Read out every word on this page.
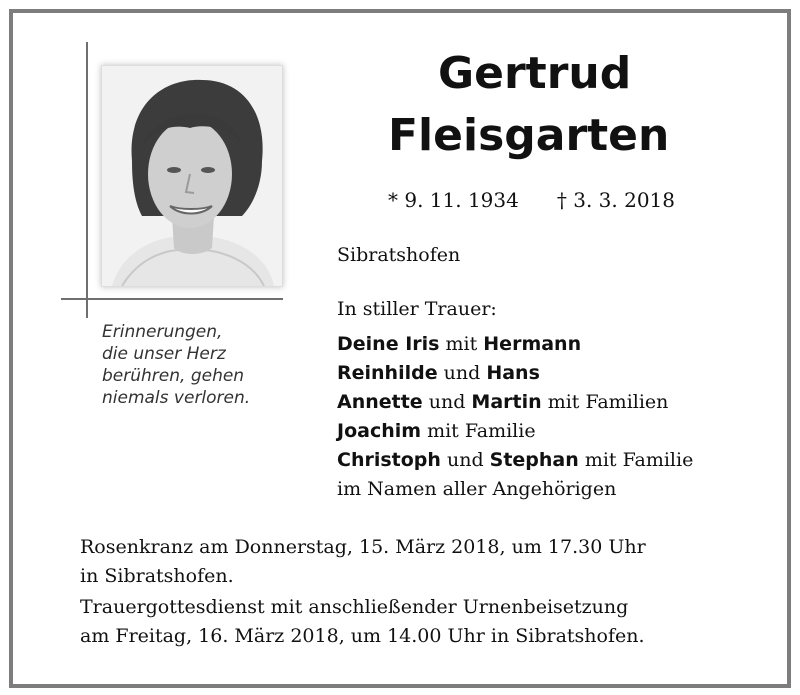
Erinnerungen,
die unser Herz
berühren, gehen
niemals verloren.
Gertrud
Fleisgarten
* 9. 11. 1934 † 3. 3. 2018
Sibratshofen
In stiller Trauer:
Deine Iris mit Hermann
Reinhilde und Hans
Annette und Martin mit Familien
Joachim mit Familie
Christoph und Stephan mit Familie
im Namen aller Angehörigen
Rosenkranz am Donnerstag, 15. März 2018, um 17.30 Uhr
in Sibratshofen.
Trauergottesdienst mit anschließender Urnenbeisetzung
am Freitag, 16. März 2018, um 14.00 Uhr in Sibratshofen.
